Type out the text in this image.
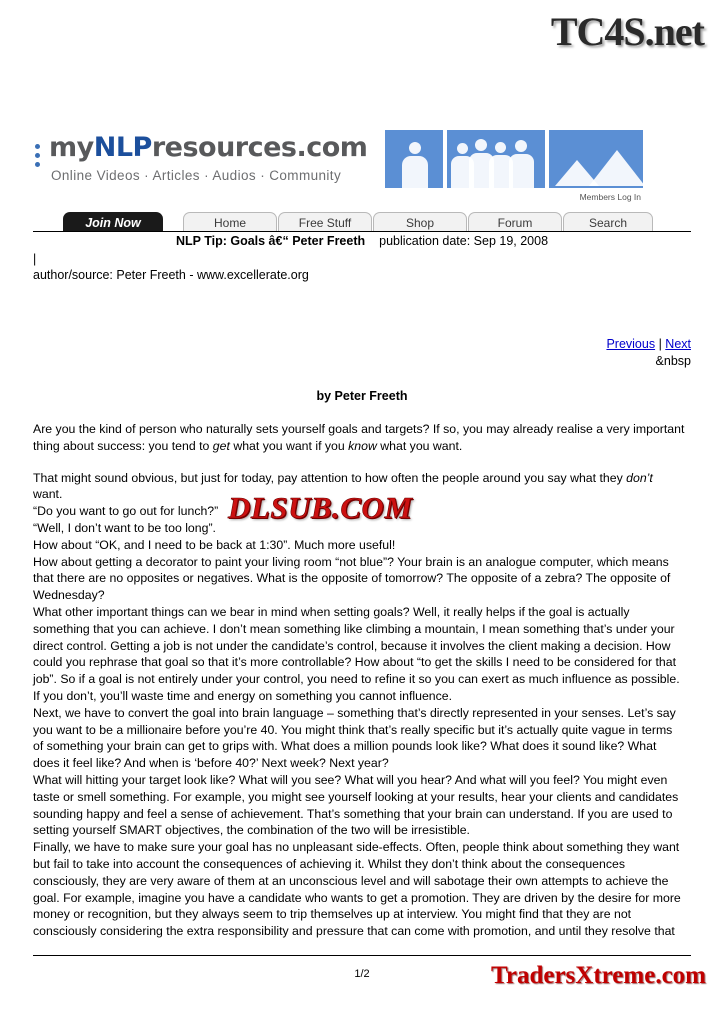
TC4S.net
myNLPresources.com
Online Videos · Articles · Audios · Community
Members Log In
Join Now	Home	Free Stuff	Shop	Forum	Search
NLP Tip: Goals â€“ Peter Freeth publication date: Sep 19, 2008
|
author/source: Peter Freeth - www.excellerate.org
Previous | Next
&nbsp
by Peter Freeth

Are you the kind of person who naturally sets yourself goals and targets? If so, you may already realise a very important thing about success: you tend to get what you want if you know what you want.

That might sound obvious, but just for today, pay attention to how often the people around you say what they don’t want.

“Do you want to go out for lunch?”

“Well, I don’t want to be too long”.

How about “OK, and I need to be back at 1:30”. Much more useful!

How about getting a decorator to paint your living room “not blue”? Your brain is an analogue computer, which means that there are no opposites or negatives. What is the opposite of tomorrow? The opposite of a zebra? The opposite of Wednesday?

What other important things can we bear in mind when setting goals? Well, it really helps if the goal is actually something that you can achieve. I don’t mean something like climbing a mountain, I mean something that’s under your direct control. Getting a job is not under the candidate’s control, because it involves the client making a decision. How could you rephrase that goal so that it’s more controllable? How about “to get the skills I need to be considered for that job”. So if a goal is not entirely under your control, you need to refine it so you can exert as much influence as possible. If you don’t, you’ll waste time and energy on something you cannot influence.

Next, we have to convert the goal into brain language – something that’s directly represented in your senses. Let’s say you want to be a millionaire before you’re 40. You might think that’s really specific but it’s actually quite vague in terms of something your brain can get to grips with. What does a million pounds look like? What does it sound like? What does it feel like? And when is ‘before 40?’ Next week? Next year?

What will hitting your target look like? What will you see? What will you hear? And what will you feel? You might even taste or smell something. For example, you might see yourself looking at your results, hear your clients and candidates sounding happy and feel a sense of achievement. That’s something that your brain can understand. If you are used to setting yourself SMART objectives, the combination of the two will be irresistible.

Finally, we have to make sure your goal has no unpleasant side-effects. Often, people think about something they want but fail to take into account the consequences of achieving it. Whilst they don’t think about the consequences consciously, they are very aware of them at an unconscious level and will sabotage their own attempts to achieve the goal. For example, imagine you have a candidate who wants to get a promotion. They are driven by the desire for more money or recognition, but they always seem to trip themselves up at interview. You might find that they are not consciously considering the extra responsibility and pressure that can come with promotion, and until they resolve that

DLSUB.COM
1/2	TradersXtreme.com
